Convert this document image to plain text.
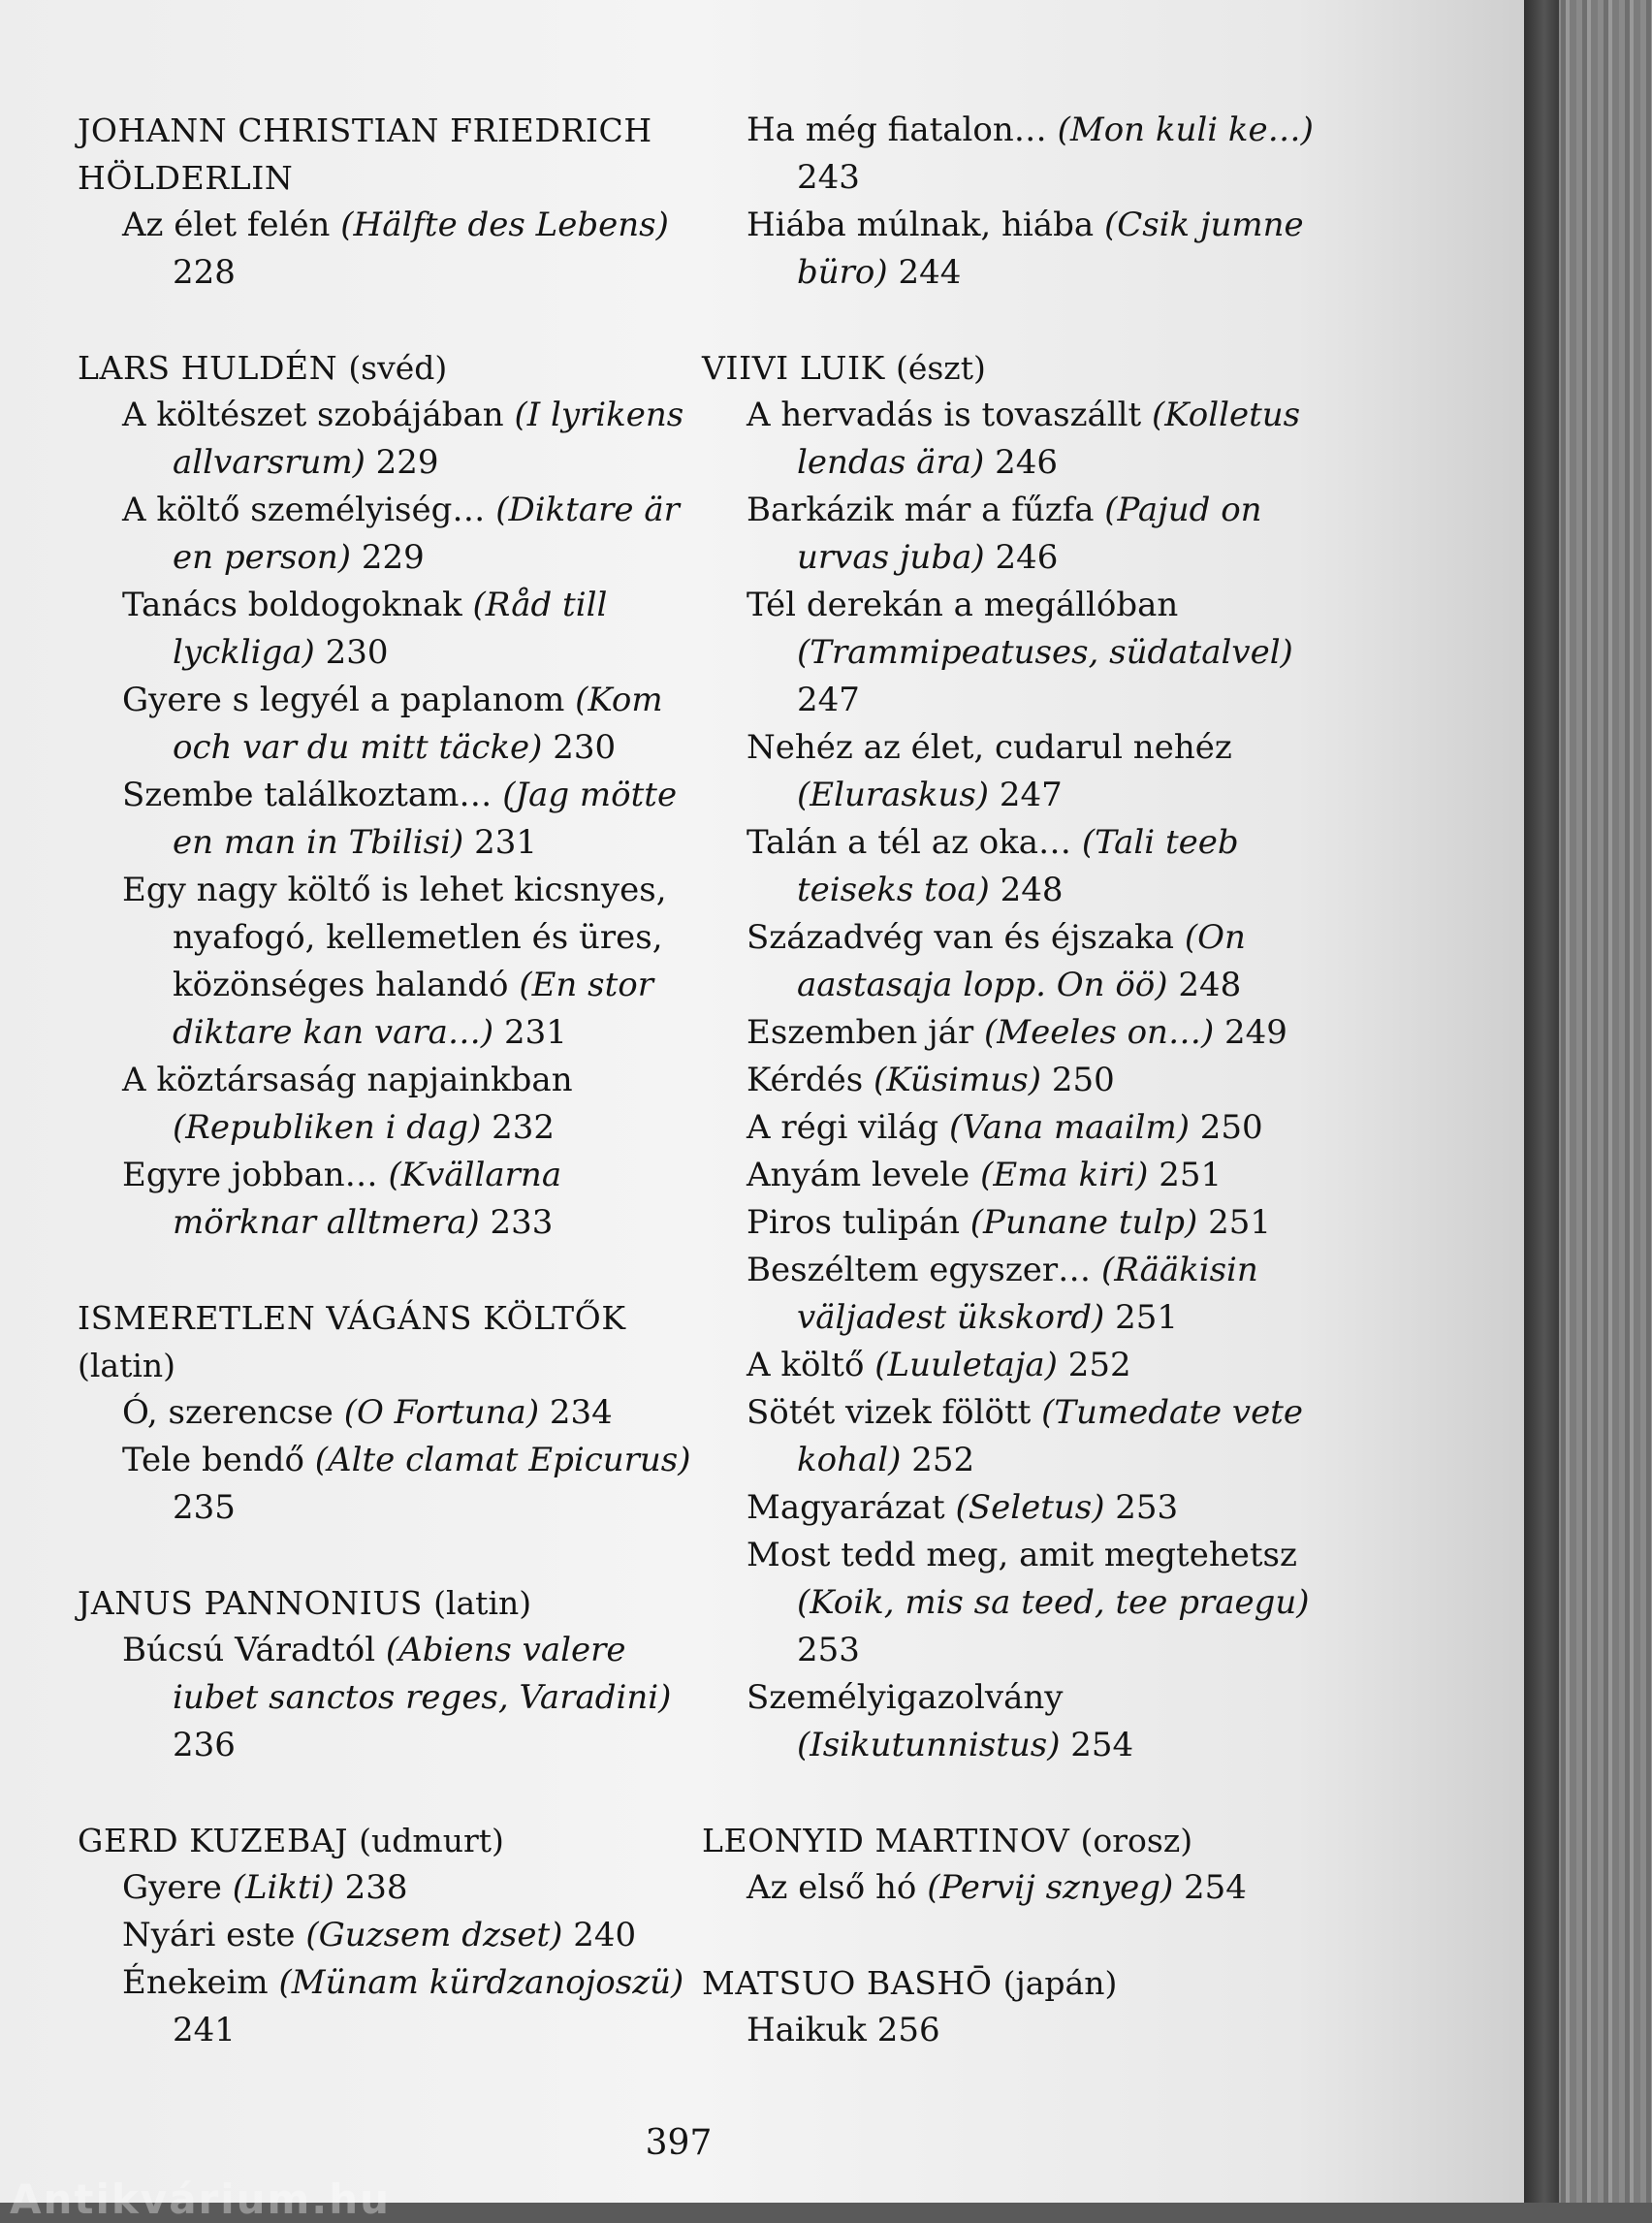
JOHANN CHRISTIAN FRIEDRICH HÖLDERLIN
Az élet felén (Hälfte des Lebens) 228
LARS HULDÉN (svéd)
A költészet szobájában (I lyrikens allvarsrum) 229
A költő személyiség… (Diktare är en person) 229
Tanács boldogoknak (Råd till lyckliga) 230
Gyere s legyél a paplanom (Kom och var du mitt täcke) 230
Szembe találkoztam… (Jag mötte en man in Tbilisi) 231
Egy nagy költő is lehet kicsnyes, nyafogó, kellemetlen és üres, közönséges halandó (En stor diktare kan vara…) 231
A köztársaság napjainkban (Republiken i dag) 232
Egyre jobban… (Kvällarna mörknar alltmera) 233
ISMERETLEN VÁGÁNS KÖLTŐK (latin)
Ó, szerencse (O Fortuna) 234
Tele bendő (Alte clamat Epicurus) 235
JANUS PANNONIUS (latin)
Búcsú Váradtól (Abiens valere iubet sanctos reges, Varadini) 236
GERD KUZEBAJ (udmurt)
Gyere (Likti) 238
Nyári este (Guzsem dzset) 240
Énekeim (Münam kürdzanojoszü) 241
Ha még fiatalon… (Mon kuli ke…) 243
Hiába múlnak, hiába (Csik jumne büro) 244
VIIVI LUIK (észt)
A hervadás is tovaszállt (Kolletus lendas ära) 246
Barkázik már a fűzfa (Pajud on urvas juba) 246
Tél derekán a megállóban (Trammipeatuses, südatalvel) 247
Nehéz az élet, cudarul nehéz (Eluraskus) 247
Talán a tél az oka… (Tali teeb teiseks toa) 248
Századvég van és éjszaka (On aastasaja lopp. On öö) 248
Eszemben jár (Meeles on…) 249
Kérdés (Küsimus) 250
A régi világ (Vana maailm) 250
Anyám levele (Ema kiri) 251
Piros tulipán (Punane tulp) 251
Beszéltem egyszer… (Rääkisin väljadest ükskord) 251
A költő (Luuletaja) 252
Sötét vizek fölött (Tumedate vete kohal) 252
Magyarázat (Seletus) 253
Most tedd meg, amit megtehetsz (Koik, mis sa teed, tee praegu) 253
Személyigazolvány (Isikutunnistus) 254
LEONYID MARTINOV (orosz)
Az első hó (Pervij sznyeg) 254
MATSUO BASHŌ (japán)
Haikuk 256
397
Antikvárium.hu
